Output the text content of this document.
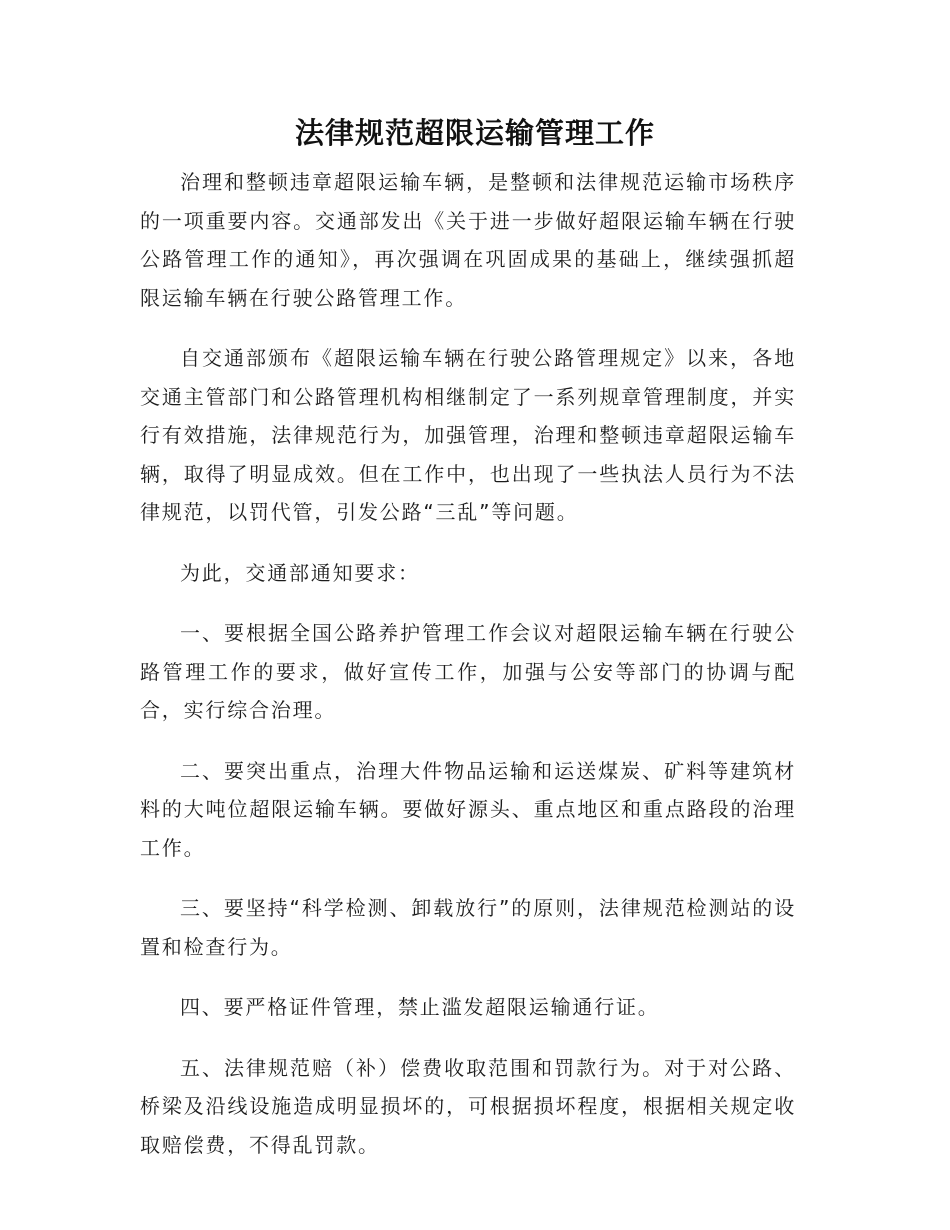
法律规范超限运输管理工作

治理和整顿违章超限运输车辆，是整顿和法律规范运输市场秩序的一项重要内容。交通部发出《关于进一步做好超限运输车辆在行驶公路管理工作的通知》，再次强调在巩固成果的基础上，继续强抓超限运输车辆在行驶公路管理工作。

自交通部颁布《超限运输车辆在行驶公路管理规定》以来，各地交通主管部门和公路管理机构相继制定了一系列规章管理制度，并实行有效措施，法律规范行为，加强管理，治理和整顿违章超限运输车辆，取得了明显成效。但在工作中，也出现了一些执法人员行为不法律规范，以罚代管，引发公路“三乱”等问题。

为此，交通部通知要求：

一、要根据全国公路养护管理工作会议对超限运输车辆在行驶公路管理工作的要求，做好宣传工作，加强与公安等部门的协调与配合，实行综合治理。

二、要突出重点，治理大件物品运输和运送煤炭、矿料等建筑材料的大吨位超限运输车辆。要做好源头、重点地区和重点路段的治理工作。

三、要坚持“科学检测、卸载放行”的原则，法律规范检测站的设置和检查行为。

四、要严格证件管理，禁止滥发超限运输通行证。

五、法律规范赔（补）偿费收取范围和罚款行为。对于对公路、桥梁及沿线设施造成明显损坏的，可根据损坏程度，根据相关规定收取赔偿费，不得乱罚款。
